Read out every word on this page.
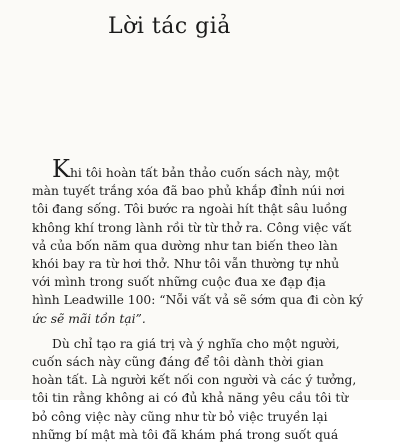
Lời tác giả

Khi tôi hoàn tất bản thảo cuốn sách này, một
màn tuyết trắng xóa đã bao phủ khắp đỉnh núi nơi
tôi đang sống. Tôi bước ra ngoài hít thật sâu luồng
không khí trong lành rồi từ từ thở ra. Công việc vất
vả của bốn năm qua dường như tan biến theo làn
khói bay ra từ hơi thở. Như tôi vẫn thường tự nhủ
với mình trong suốt những cuộc đua xe đạp địa
hình Leadwille 100: “Nỗi vất vả sẽ sớm qua đi còn ký
ức sẽ mãi tồn tại”.

Dù chỉ tạo ra giá trị và ý nghĩa cho một người,
cuốn sách này cũng đáng để tôi dành thời gian
hoàn tất. Là người kết nối con người và các ý tưởng,
tôi tin rằng không ai có đủ khả năng yêu cầu tôi từ
bỏ công việc này cũng như từ bỏ việc truyền lại
những bí mật mà tôi đã khám phá trong suốt quá
